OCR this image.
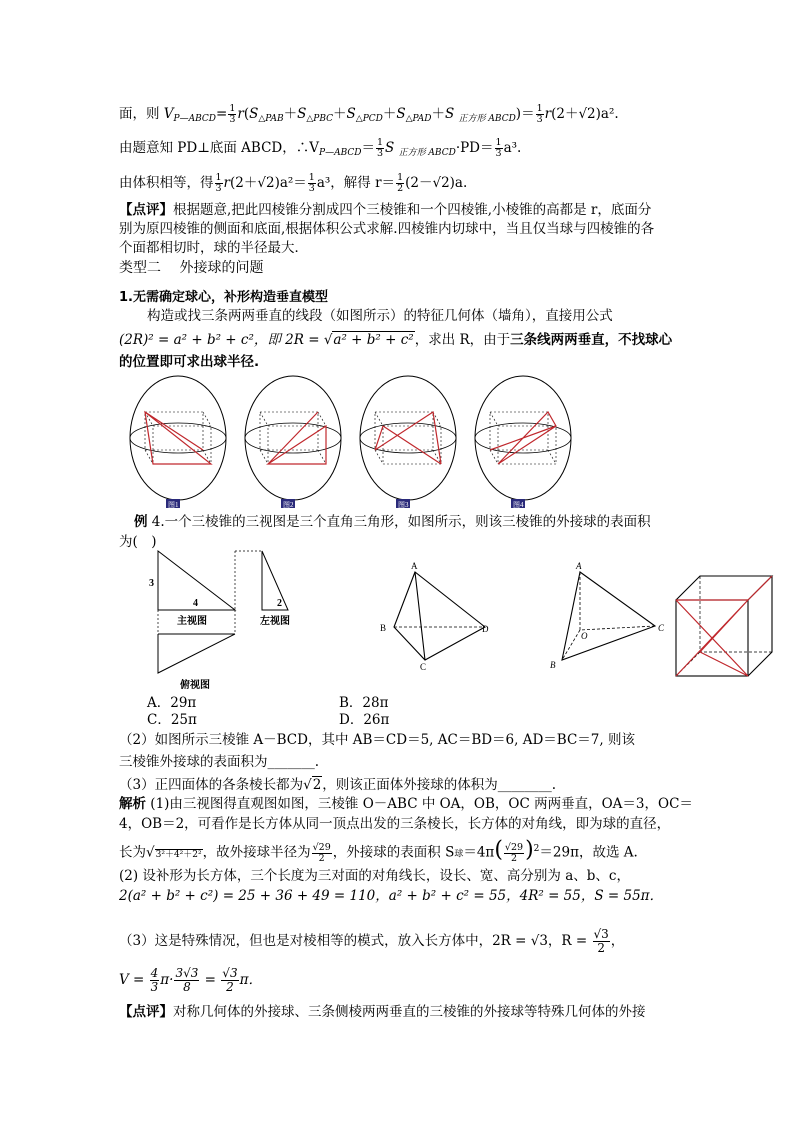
面，则 $V_{P—ABCD}= \frac{1}{3} r(S_{\triangle PAB}+S_{\triangle PBC}+S_{\triangle PCD}+S_{\triangle PAD}+S$ $_{正方形 ABCD})= \frac{1}{3} r(2+√2)a^2$.
由题意知 PD⊥底面 ABCD，$\therefore V_{P—ABCD}= \frac{1}{3}$ S $_{正方形 ABCD}\cdot PD= \frac{1}{3} a^3$.
由体积相等，得 $\frac{1}{3} r(2+√2)a^2= \frac{1}{3} a^3$，解得 $r= \frac{1}{2} (2-√2)a$.
【点评】根据题意,把此四棱锥分割成四个三棱锥和一个四棱锥,小棱锥的高都是 r，底面分
别为原四棱锥的侧面和底面,根据体积公式求解.四棱锥内切球中，当且仅当球与四棱锥的各
个面都相切时，球的半径最大．
类型二　 外接球的问题
1.无需确定球心，补形构造垂直模型
构造或找三条两两垂直的线段（如图所示）的特征几何体（墙角），直接用公式
(2R)² = a² + b² + c²，即 2R = √a² + b² + c²，求出 R，由于三条线两两垂直，不找球心
的位置即可求出球半径.
图1	图2	图3	图4
例 4.一个三棱锥的三视图是三个直角三角形，如图所示，则该三棱锥的外接球的表面积
为(　)
3
4	2
主视图	左视图
俯视图
A
B
C
D
A
B
C
O
A．29π	B．28π
C．25π	D．26π
（2）如图所示三棱锥 A－BCD，其中 AB＝CD＝5, AC＝BD＝6, AD＝BC＝7, 则该
三棱锥外接球的表面积为_______.
（3）正四面体的各条棱长都为√2，则该正面体外接球的体积为________.
解析 (1)由三视图得直观图如图，三棱锥 O－ABC 中 OA，OB，OC 两两垂直，OA＝3，OC＝
4，OB＝2，可看作是长方体从同一顶点出发的三条棱长，长方体的对角线，即为球的直径，
长为√3²＋4²＋2²，故外接球半径为 $\frac{√29}{2}$ ，外接球的表面积 S球$=4\pi( \frac{√29}{2} )^2=29\pi$，故选 A.
(2) 设补形为长方体，三个长度为三对面的对角线长，设长、宽、高分别为 a、b、c，
2(a² + b² + c²) = 25 + 36 + 49 = 110，a² + b² + c² = 55，4R² = 55，S = 55π．
（3）这是特殊情况，但也是对棱相等的模式，放入长方体中，2R = √3，$R = \frac{√3}{2}$ ，
$V = \frac{4}{3} \pi\cdot \frac{3√3}{8} = \frac{√3}{2}$ π．
【点评】对称几何体的外接球、三条侧棱两两垂直的三棱锥的外接球等特殊几何体的外接
